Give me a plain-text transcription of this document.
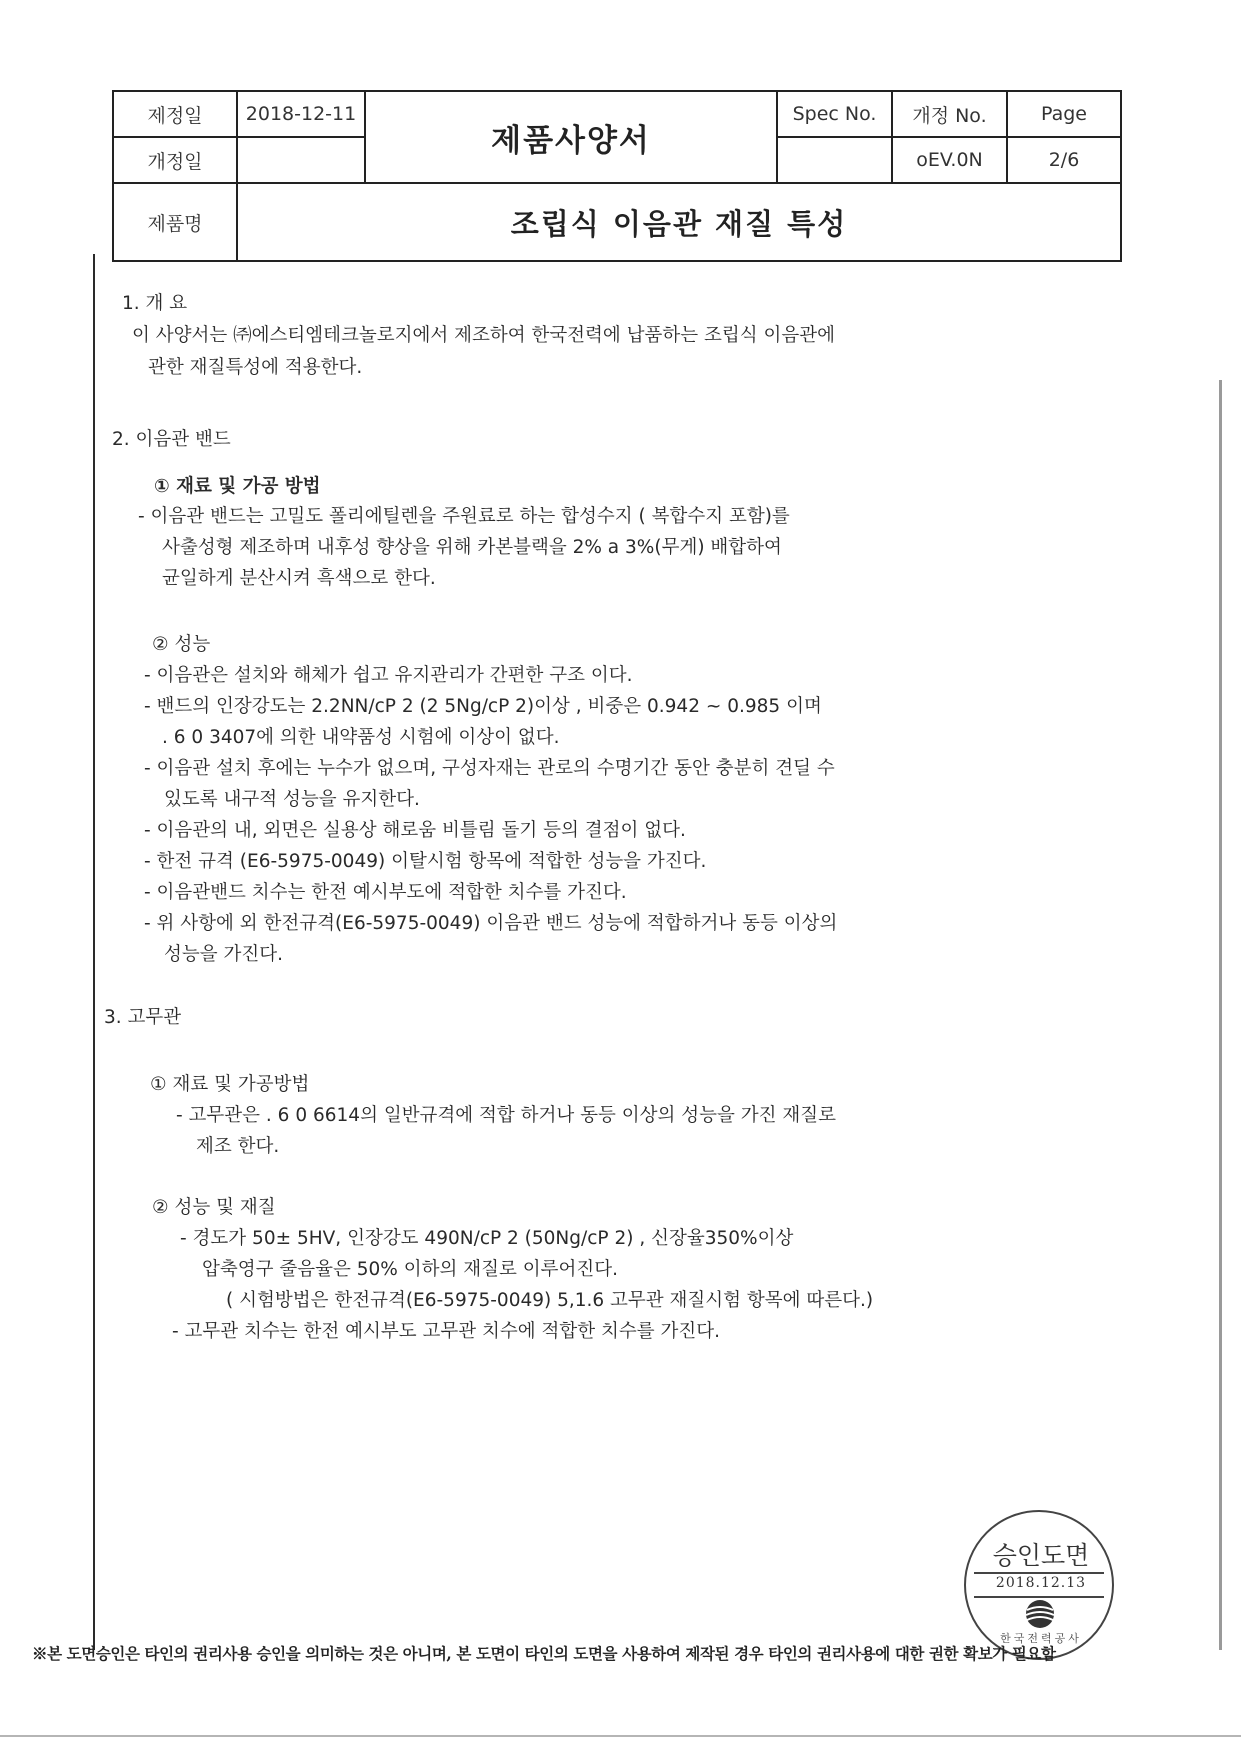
제정일	2018-12-11	제품사양서	Spec No.	개정 No.	Page
개정일				oEV.0N	2/6
제품명	조립식 이음관 재질 특성				
1. 개 요
이 사양서는 ㈜에스티엠테크놀로지에서 제조하여 한국전력에 납품하는 조립식 이음관에
관한 재질특성에 적용한다.
2. 이음관 밴드
① 재료 및 가공 방법
- 이음관 밴드는 고밀도 폴리에틸렌을 주원료로 하는 합성수지 ( 복합수지 포함)를
사출성형 제조하며 내후성 향상을 위해 카본블랙을 2% a 3%(무게) 배합하여
균일하게 분산시켜 흑색으로 한다.
② 성능
- 이음관은 설치와 해체가 쉽고 유지관리가 간편한 구조 이다.
- 밴드의 인장강도는 2.2NN/cP 2 (2 5Ng/cP 2)이상 , 비중은 0.942 ~ 0.985 이며
. 6 0 3407에 의한 내약품성 시험에 이상이 없다.
- 이음관 설치 후에는 누수가 없으며, 구성자재는 관로의 수명기간 동안 충분히 견딜 수
있도록 내구적 성능을 유지한다.
- 이음관의 내, 외면은 실용상 해로움 비틀림 돌기 등의 결점이 없다.
- 한전 규격 (E6-5975-0049) 이탈시험 항목에 적합한 성능을 가진다.
- 이음관밴드 치수는 한전 예시부도에 적합한 치수를 가진다.
- 위 사항에 외 한전규격(E6-5975-0049) 이음관 밴드 성능에 적합하거나 동등 이상의
성능을 가진다.
3. 고무관
① 재료 및 가공방법
- 고무관은 . 6 0 6614의 일반규격에 적합 하거나 동등 이상의 성능을 가진 재질로
제조 한다.
② 성능 및 재질
- 경도가 50± 5HV, 인장강도 490N/cP 2 (50Ng/cP 2) , 신장율350%이상
압축영구 줄음율은 50% 이하의 재질로 이루어진다.
( 시험방법은 한전규격(E6-5975-0049) 5,1.6 고무관 재질시험 항목에 따른다.)
- 고무관 치수는 한전 예시부도 고무관 치수에 적합한 치수를 가진다.
승인도면
2018.12.13
한국전력공사
※본 도면승인은 타인의 권리사용 승인을 의미하는 것은 아니며, 본 도면이 타인의 도면을 사용하여 제작된 경우 타인의 권리사용에 대한 권한 확보가 필요함
